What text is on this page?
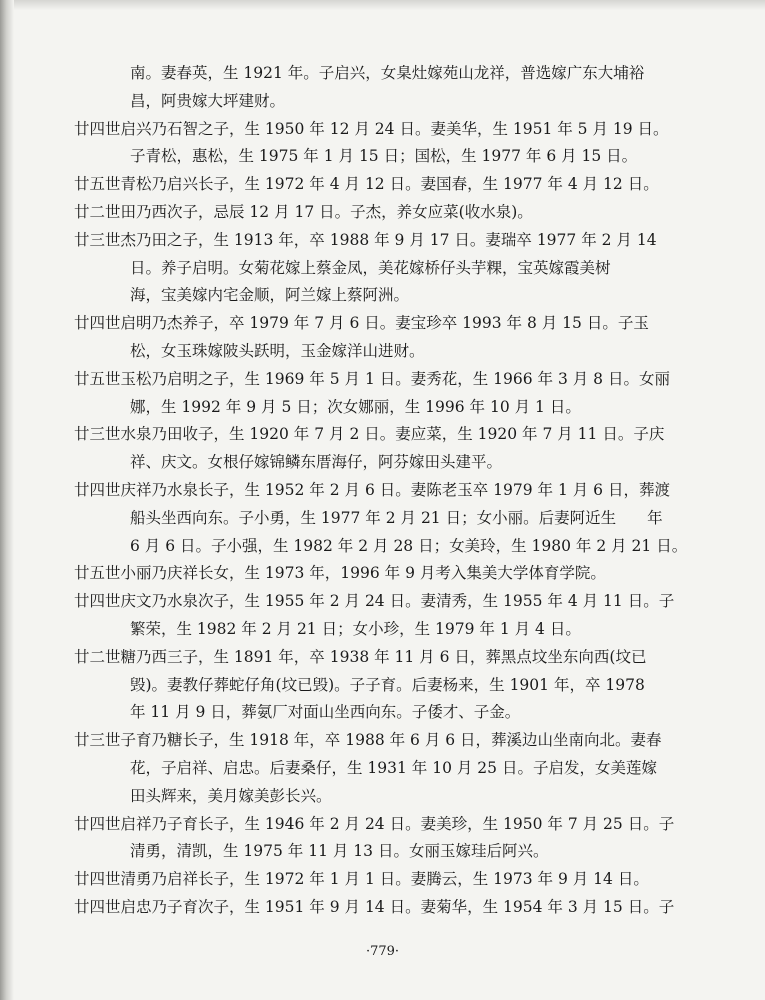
南。妻春英，生 1921 年。子启兴，女臬灶嫁苑山龙祥，普选嫁广东大埔裕
昌，阿贵嫁大坪建财。
廿四世启兴乃石智之子，生 1950 年 12 月 24 日。妻美华，生 1951 年 5 月 19 日。
子青松，惠松，生 1975 年 1 月 15 日；国松，生 1977 年 6 月 15 日。
廿五世青松乃启兴长子，生 1972 年 4 月 12 日。妻国春，生 1977 年 4 月 12 日。
廿二世田乃西次子，忌辰 12 月 17 日。子杰，养女应菜(收水泉)。
廿三世杰乃田之子，生 1913 年，卒 1988 年 9 月 17 日。妻瑞卒 1977 年 2 月 14
日。养子启明。女菊花嫁上蔡金凤，美花嫁桥仔头芋粿，宝英嫁霞美树
海，宝美嫁内宅金顺，阿兰嫁上蔡阿洲。
廿四世启明乃杰养子，卒 1979 年 7 月 6 日。妻宝珍卒 1993 年 8 月 15 日。子玉
松，女玉珠嫁陂头跃明，玉金嫁洋山进财。
廿五世玉松乃启明之子，生 1969 年 5 月 1 日。妻秀花，生 1966 年 3 月 8 日。女丽
娜，生 1992 年 9 月 5 日；次女娜丽，生 1996 年 10 月 1 日。
廿三世水泉乃田收子，生 1920 年 7 月 2 日。妻应菜，生 1920 年 7 月 11 日。子庆
祥、庆文。女根仔嫁锦鳞东厝海仔，阿芬嫁田头建平。
廿四世庆祥乃水泉长子，生 1952 年 2 月 6 日。妻陈老玉卒 1979 年 1 月 6 日，葬渡
船头坐西向东。子小勇，生 1977 年 2 月 21 日；女小丽。后妻阿近生　　年
6 月 6 日。子小强，生 1982 年 2 月 28 日；女美玲，生 1980 年 2 月 21 日。
廿五世小丽乃庆祥长女，生 1973 年，1996 年 9 月考入集美大学体育学院。
廿四世庆文乃水泉次子，生 1955 年 2 月 24 日。妻清秀，生 1955 年 4 月 11 日。子
繁荣，生 1982 年 2 月 21 日；女小珍，生 1979 年 1 月 4 日。
廿二世糖乃西三子，生 1891 年，卒 1938 年 11 月 6 日，葬黑点坟坐东向西(坟已
毁)。妻教仔葬蛇仔角(坟已毁)。子子育。后妻杨来，生 1901 年，卒 1978
年 11 月 9 日，葬氨厂对面山坐西向东。子倭才、子金。
廿三世子育乃糖长子，生 1918 年，卒 1988 年 6 月 6 日，葬溪边山坐南向北。妻春
花，子启祥、启忠。后妻桑仔，生 1931 年 10 月 25 日。子启发，女美莲嫁
田头辉来，美月嫁美彭长兴。
廿四世启祥乃子育长子，生 1946 年 2 月 24 日。妻美珍，生 1950 年 7 月 25 日。子
清勇，清凯，生 1975 年 11 月 13 日。女丽玉嫁珪后阿兴。
廿四世清勇乃启祥长子，生 1972 年 1 月 1 日。妻腾云，生 1973 年 9 月 14 日。
廿四世启忠乃子育次子，生 1951 年 9 月 14 日。妻菊华，生 1954 年 3 月 15 日。子
·779·
